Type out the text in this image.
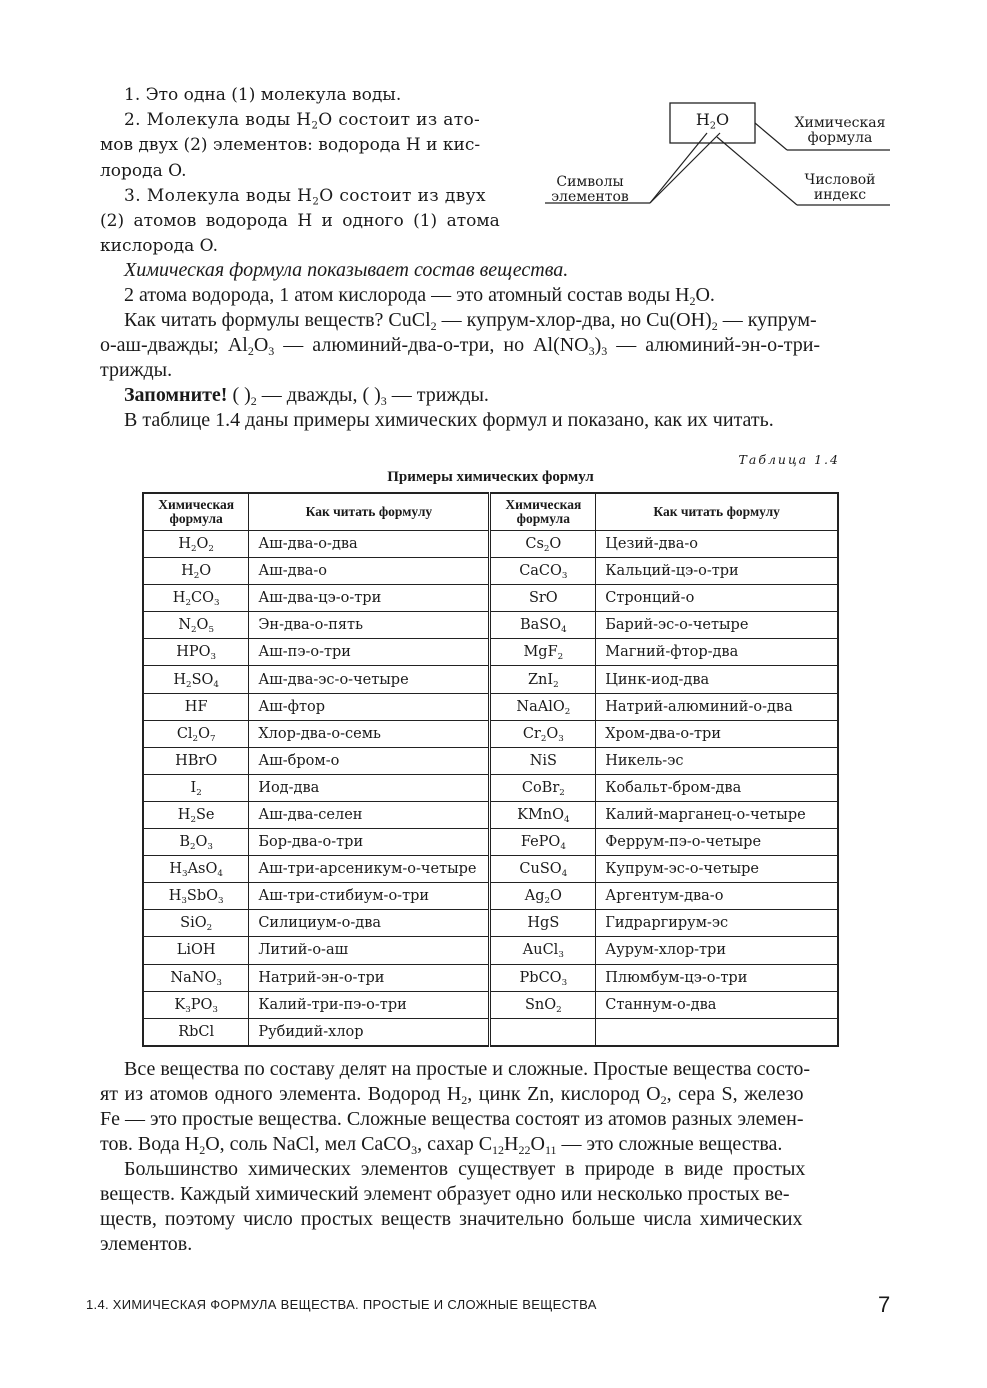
1. Это одна (1) молекула воды.
2. Молекула воды $H_2O$ состоит из ато-
мов двух (2) элементов: водорода H и кис-
лорода O.
3. Молекула воды $H_2O$ состоит из двух
(2) атомов водорода H и одного (1) атома
кислорода O.
$H_2O$	Химическая
формула
Символы
элементов
Числовой
индекс
Химическая формула показывает состав вещества.
2 атома водорода, 1 атом кислорода — это атомный состав воды $H_2O$.
Как читать формулы веществ? CuCl$_2$ — купрум-хлор-два, но $Cu(OH)_2$ — купрум-
о-аш-дважды; $Al_2O_3$ — алюминий-два-о-три, но $Al(NO_3)_3$ — алюминий-эн-о-три-
трижды.
Запомните! ( )$_2$ — дважды, ( )$_3$ — трижды.
В таблице 1.4 даны примеры химических формул и показано, как их читать.
Таблица 1.4
Примеры химических формул
Химическая
формула	Как читать формулу	Химическая
формула	Как читать формулу
$H_2O_2$	Аш-два-о-два	$Cs_2O$	Цезий-два-о
$H_2O$	Аш-два-о	CaCO$_3$	Кальций-цэ-о-три
$H_2CO_3$	Аш-два-цэ-о-три	SrO	Стронций-о
$N_2O_5$	Эн-два-о-пять	BaSO$_4$	Барий-эс-о-четыре
$HPO_3$	Аш-пэ-о-три	MgF$_2$	Магний-фтор-два
$H_2SO_4$	Аш-два-эс-о-четыре	ZnI$_2$	Цинк-иод-два
HF	Аш-фтор	NaAlO$_2$	Натрий-алюминий-о-два
$Cl_2O_7$	Хлор-два-о-семь	$Cr_2O_3$	Хром-два-о-три
HBrO	Аш-бром-о	NiS	Никель-эс
$I_2$	Иод-два	CoBr$_2$	Кобальт-бром-два
$H_2Se$	Аш-два-селен	KMnO$_4$	Калий-марганец-о-четыре
$B_2O_3$	Бор-два-о-три	FePO$_4$	Феррум-пэ-о-четыре
$H_3AsO_4$	Аш-три-арсеникум-о-четыре	CuSO$_4$	Купрум-эс-о-четыре
$H_3SbO_3$	Аш-три-стибиум-о-три	$Ag_2O$	Аргентум-два-о
SiO$_2$	Силициум-о-два	HgS	Гидраргирум-эс
LiOH	Литий-о-аш	AuCl$_3$	Аурум-хлор-три
NaNO$_3$	Натрий-эн-о-три	PbCO$_3$	Плюмбум-цэ-о-три
$K_3PO_3$	Калий-три-пэ-о-три	SnO$_2$	Станнум-о-два
RbCl	Рубидий-хлор		
Все вещества по составу делят на простые и сложные. Простые вещества состо-
ят из атомов одного элемента. Водород $H_2$, цинк Zn, кислород $O_2$, сера S, железо
Fe — это простые вещества. Сложные вещества состоят из атомов разных элемен-
тов. Вода $H_2O$, соль NaCl, мел CaCO$_3$, сахар $C_{12}H_{22}O_{11}$ — это сложные вещества.
Большинство химических элементов существует в природе в виде простых
веществ. Каждый химический элемент образует одно или несколько простых ве-
ществ, поэтому число простых веществ значительно больше числа химических
элементов.
1.4. ХИМИЧЕСКАЯ ФОРМУЛА ВЕЩЕСТВА. ПРОСТЫЕ И СЛОЖНЫЕ ВЕЩЕСТВА	7
